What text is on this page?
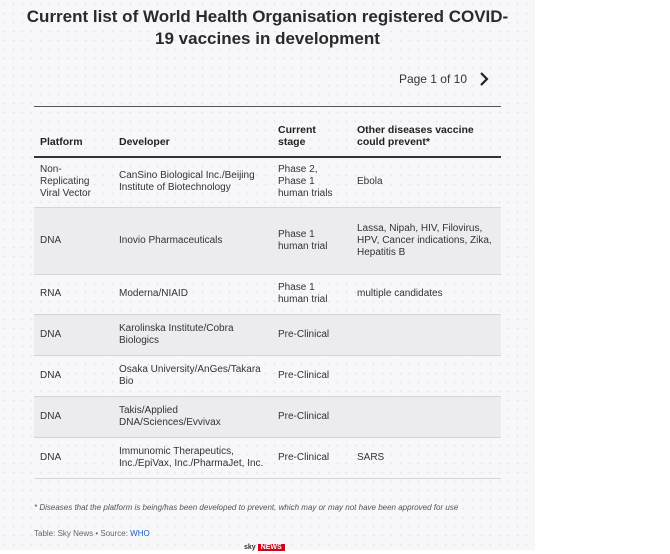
Current list of World Health Organisation registered COVID-19 vaccines in development
Page 1 of 10
Platform	Developer	Current stage	Other diseases vaccine could prevent*
Non-Replicating Viral Vector	CanSino Biological Inc./Beijing Institute of Biotechnology	Phase 2, Phase 1 human trials	Ebola
DNA	Inovio Pharmaceuticals	Phase 1 human trial	Lassa, Nipah, HIV, Filovirus, HPV, Cancer indications, Zika, Hepatitis B
RNA	Moderna/NIAID	Phase 1 human trial	multiple candidates
DNA	Karolinska Institute/Cobra Biologics	Pre-Clinical	
DNA	Osaka University/AnGes/Takara Bio	Pre-Clinical	
DNA	Takis/Applied DNA/Sciences/Evvivax	Pre-Clinical	
DNA	Immunomic Therapeutics, Inc./EpiVax, Inc./PharmaJet, Inc.	Pre-Clinical	SARS
* Diseases that the platform is being/has been developed to prevent, which may or may not have been approved for use
Table: Sky News • Source: WHO
sky NEWS
